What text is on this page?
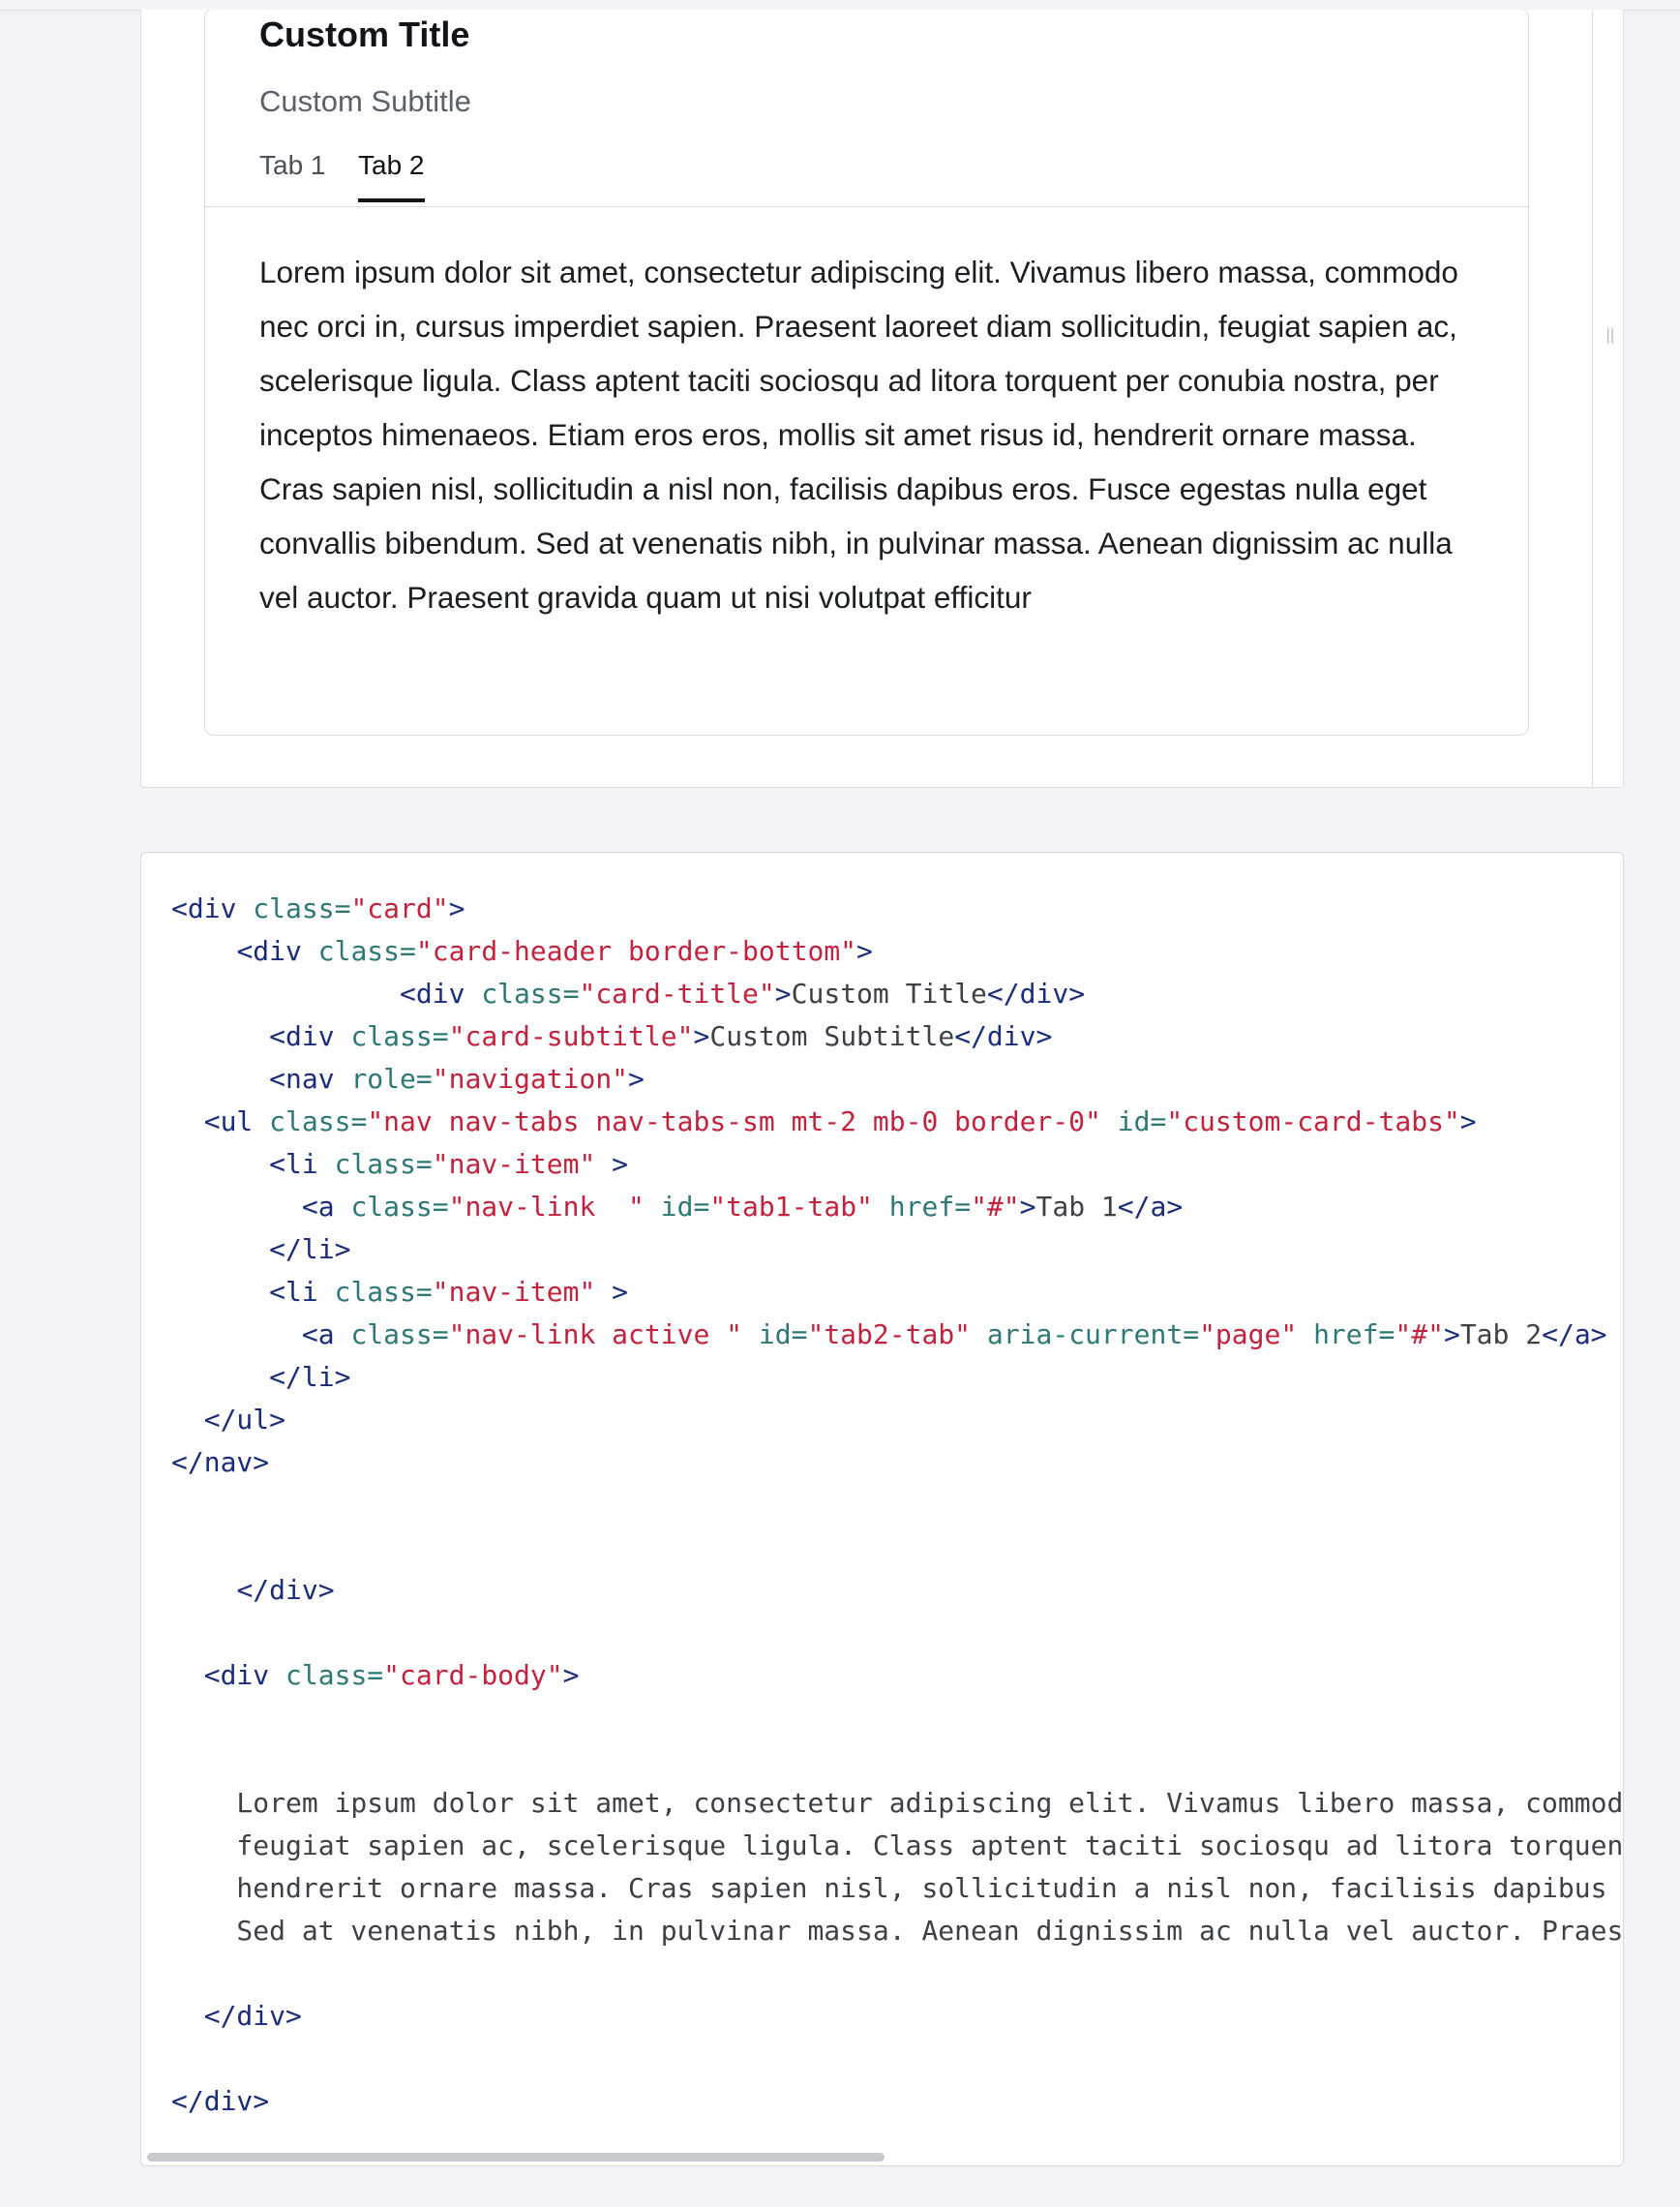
Custom Title
Custom Subtitle
Tab 1 Tab 2
Lorem ipsum dolor sit amet, consectetur adipiscing elit. Vivamus libero massa, commodo nec orci in, cursus imperdiet sapien. Praesent laoreet diam sollicitudin, feugiat sapien ac, scelerisque ligula. Class aptent taciti sociosqu ad litora torquent per conubia nostra, per inceptos himenaeos. Etiam eros eros, mollis sit amet risus id, hendrerit ornare massa. Cras sapien nisl, sollicitudin a nisl non, facilisis dapibus eros. Fusce egestas nulla eget convallis bibendum. Sed at venenatis nibh, in pulvinar massa. Aenean dignissim ac nulla vel auctor. Praesent gravida quam ut nisi volutpat efficitur
||
<div class="card">
<div class="card-header border-bottom">
<div class="card-title">Custom Title</div>
<div class="card-subtitle">Custom Subtitle</div>
<nav role="navigation">
<ul class="nav nav-tabs nav-tabs-sm mt-2 mb-0 border-0" id="custom-card-tabs">
<li class="nav-item" >
<a class="nav-link  " id="tab1-tab" href="#">Tab 1</a>
</li>
<li class="nav-item" >
<a class="nav-link active " id="tab2-tab" aria-current="page" href="#">Tab 2</a>
</li>
</ul>
</nav>

</div>

<div class="card-body">

Lorem ipsum dolor sit amet, consectetur adipiscing elit. Vivamus libero massa, commod
feugiat sapien ac, scelerisque ligula. Class aptent taciti sociosqu ad litora torquen
hendrerit ornare massa. Cras sapien nisl, sollicitudin a nisl non, facilisis dapibus
Sed at venenatis nibh, in pulvinar massa. Aenean dignissim ac nulla vel auctor. Praes

</div>

</div>
